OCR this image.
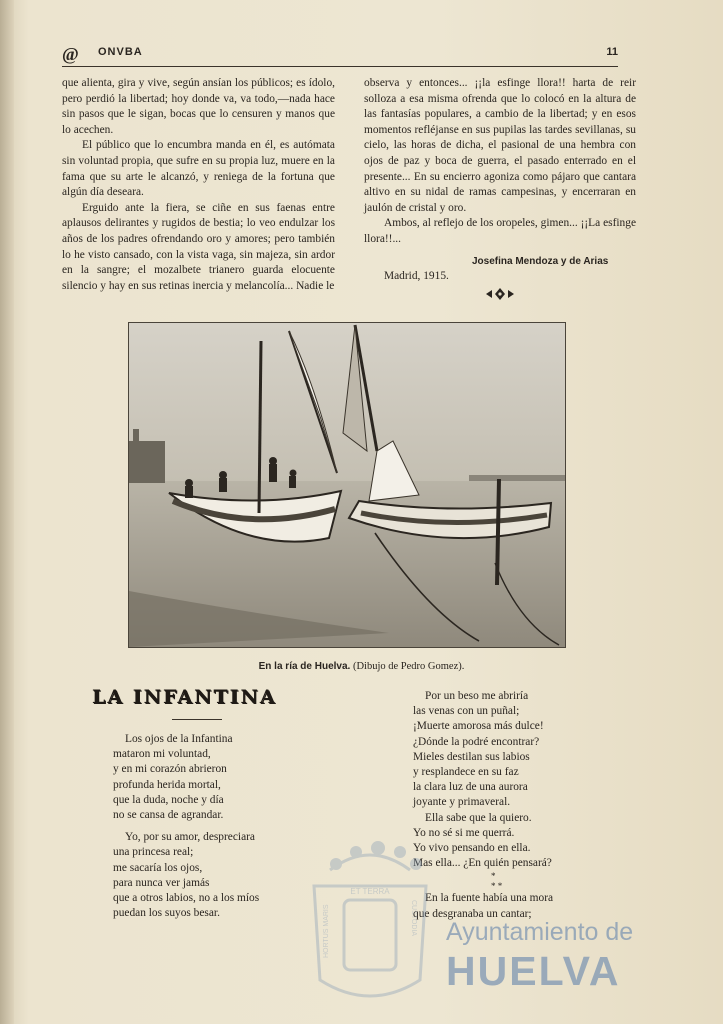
@ ONVBA	11

que alienta, gira y vive, según ansían los públicos; es ídolo, pero perdió la libertad; hoy donde va, va todo,—nada hace sin pasos que le sigan, bocas que lo censuren y manos que lo acechen.

El público que lo encumbra manda en él, es autómata sin voluntad propia, que sufre en su propia luz, muere en la fama que su arte le alcanzó, y reniega de la fortuna que algún día deseara.

Erguido ante la fiera, se ciñe en sus faenas entre aplausos delirantes y rugidos de bestia; lo veo endulzar los años de los padres ofrendando oro y amores; pero también lo he visto cansado, con la vista vaga, sin majeza, sin ardor en la sangre; el mozalbete trianero guarda elocuente silencio y hay en sus retinas inercia y melancolía... Nadie le

observa y entonces... ¡¡la esfinge llora!! harta de reir solloza a esa misma ofrenda que lo colocó en la altura de las fantasías populares, a cambio de la libertad; y en esos momentos refléjanse en sus pupilas las tardes sevillanas, su cielo, las horas de dicha, el pasional de una hembra con ojos de paz y boca de guerra, el pasado enterrado en el presente... En su encierro agoniza como pájaro que cantara altivo en su nidal de ramas campesinas, y encerraran en jaulón de cristal y oro.

Ambos, al reflejo de los oropeles, gimen... ¡¡La esfinge llora!!...

Josefina Mendoza y de Arias
Madrid, 1915.
En la ría de Huelva. (Dibujo de Pedro Gomez).
LA INFANTINA

Los ojos de la Infantina

mataron mi voluntad,

y en mi corazón abrieron

profunda herida mortal,

que la duda, noche y día

no se cansa de agrandar.

Yo, por su amor, despreciara

una princesa real;

me sacaría los ojos,

para nunca ver jamás

que a otros labios, no a los míos

puedan los suyos besar.

Por un beso me abriría

las venas con un puñal;

¡Muerte amorosa más dulce!

¿Dónde la podré encontrar?

Mieles destilan sus labios

y resplandece en su faz

la clara luz de una aurora

joyante y primaveral.

Ella sabe que la quiero.

Yo no sé si me querrá.

Yo vivo pensando en ella.

Mas ella... ¿En quién pensará?

*
* *

En la fuente había una mora

que desgranaba un cantar;

ET TERRA
HORTUS MARIS	CUSTODIA Ayuntamiento de
HUELVA
